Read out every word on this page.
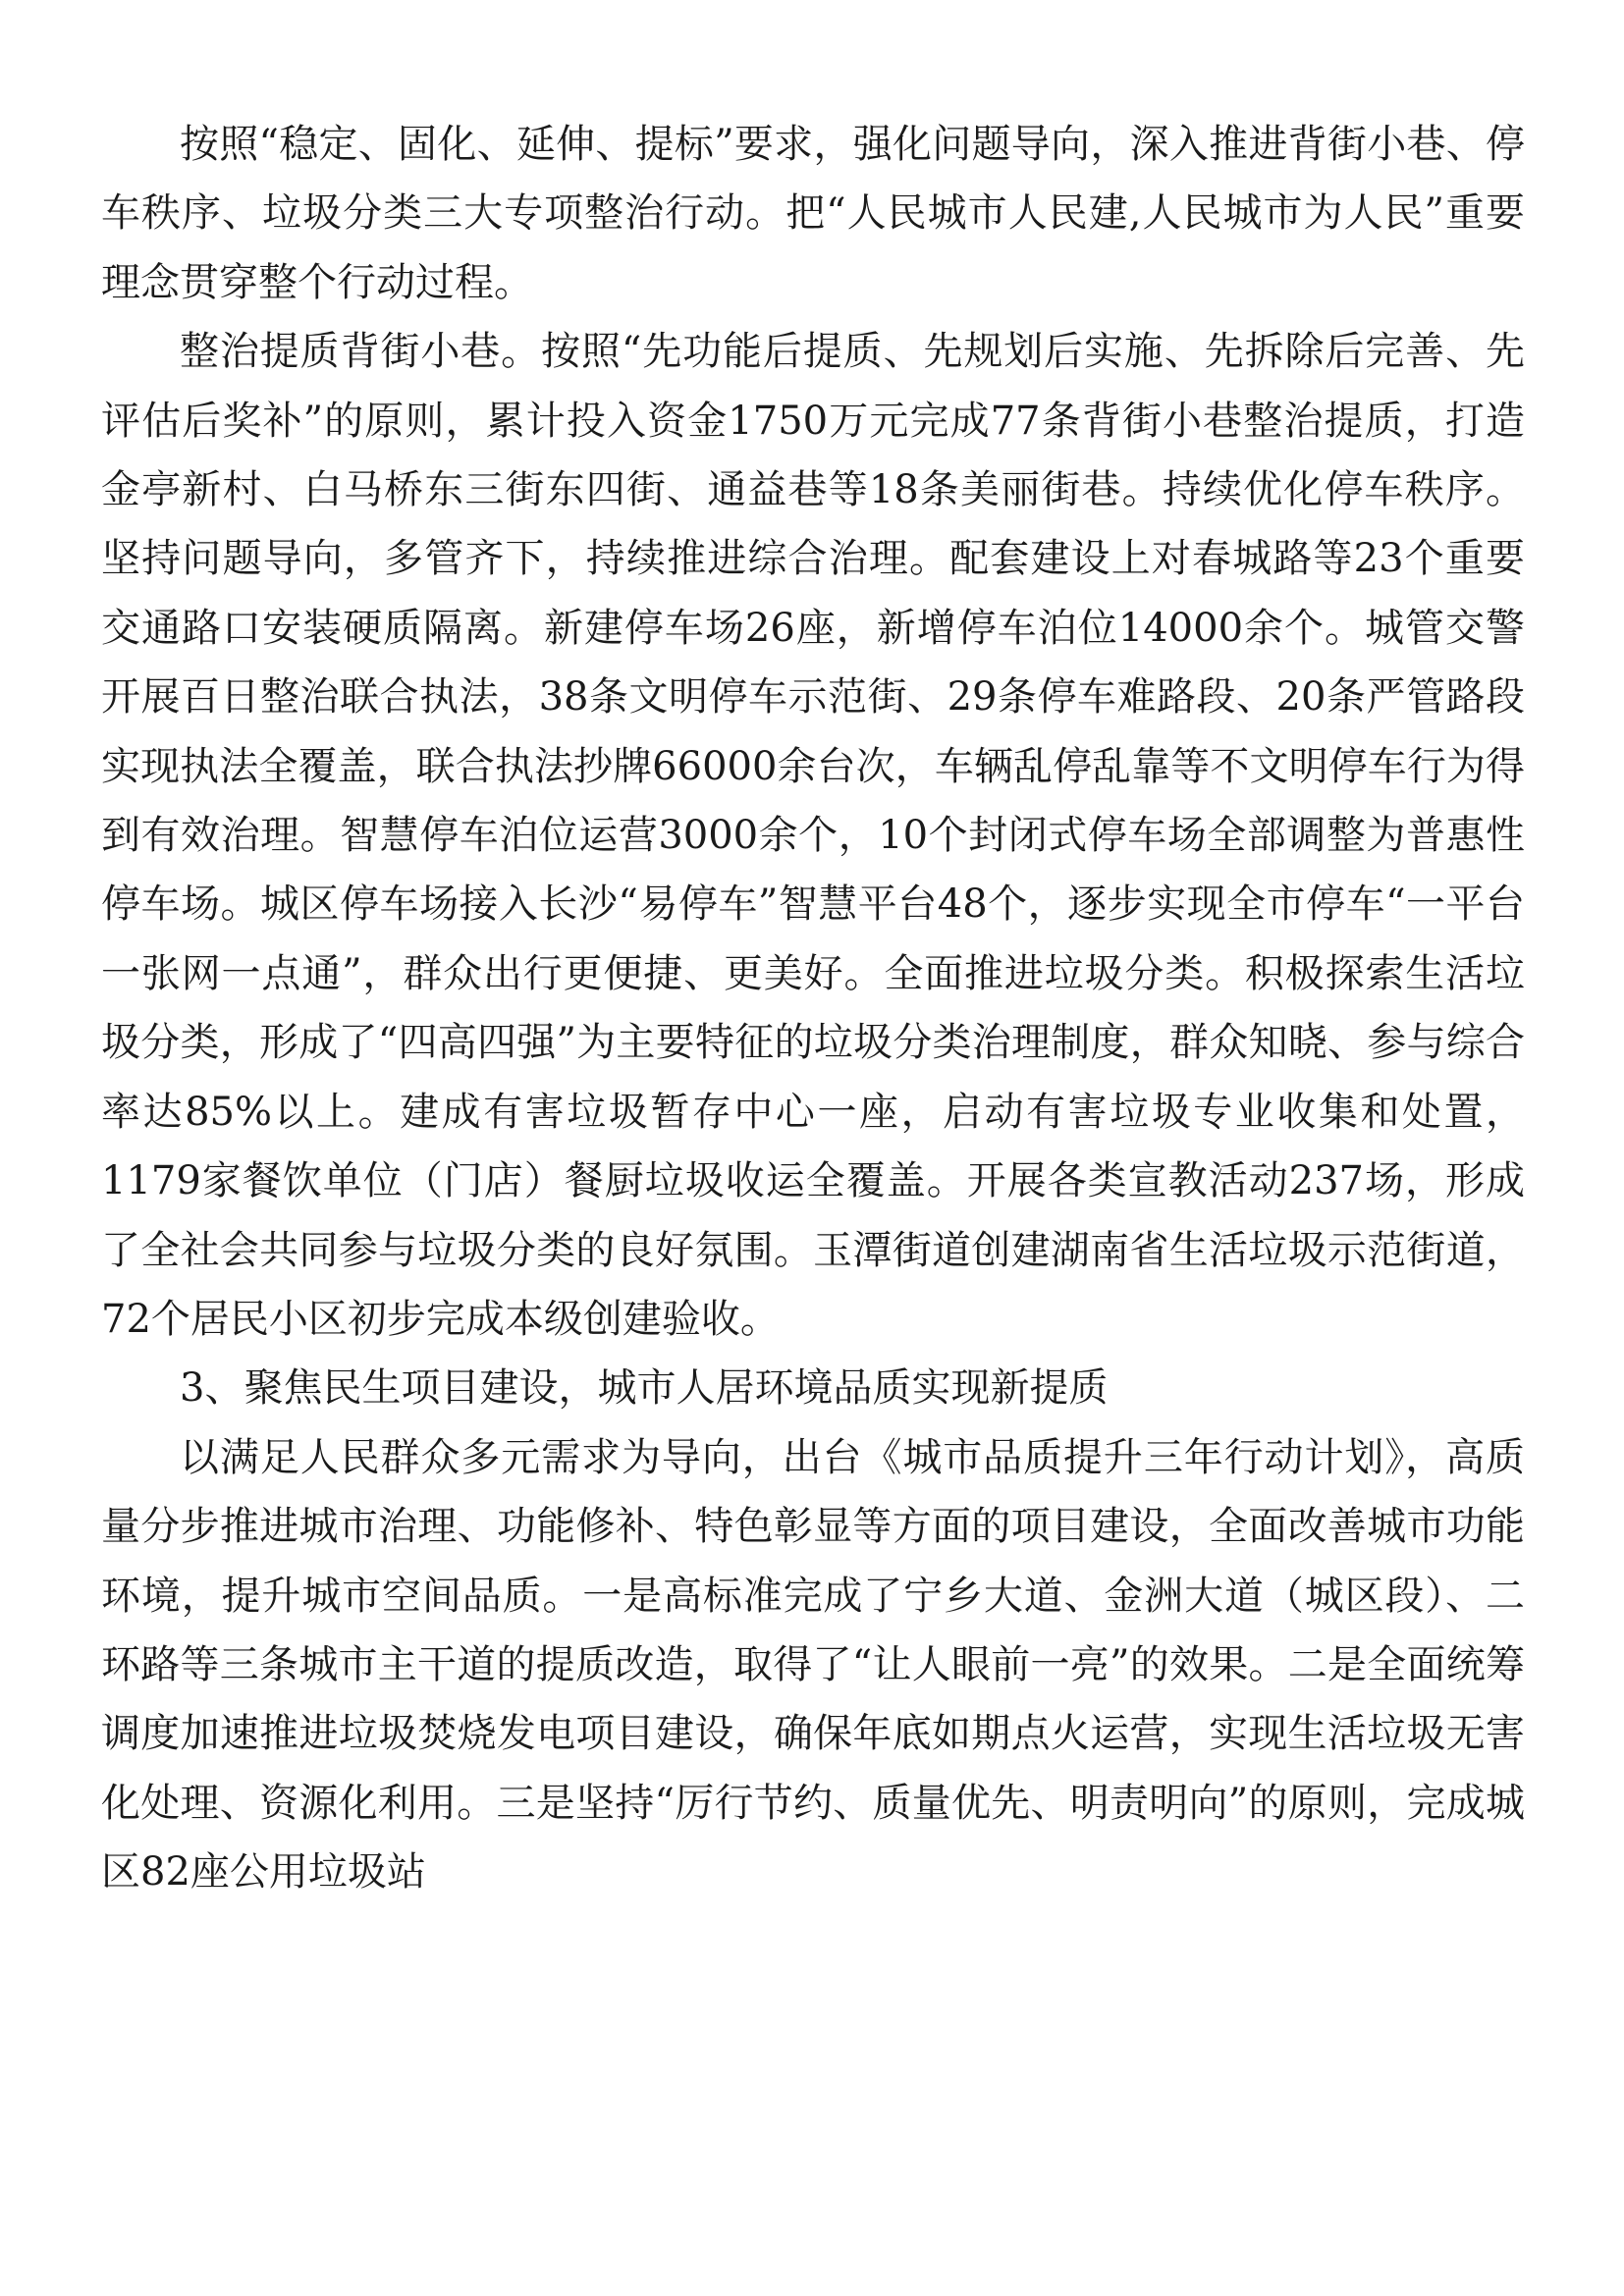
按照“稳定、固化、延伸、提标”要求，强化问题导向，深入推进背街小巷、停车秩序、垃圾分类三大专项整治行动。把“人民城市人民建,人民城市为人民”重要理念贯穿整个行动过程。

整治提质背街小巷。按照“先功能后提质、先规划后实施、先拆除后完善、先评估后奖补”的原则，累计投入资金1750万元完成77条背街小巷整治提质，打造金亭新村、白马桥东三街东四街、通益巷等18条美丽街巷。持续优化停车秩序。坚持问题导向，多管齐下，持续推进综合治理。配套建设上对春城路等23个重要交通路口安装硬质隔离。新建停车场26座，新增停车泊位14000余个。城管交警开展百日整治联合执法，38条文明停车示范街、29条停车难路段、20条严管路段实现执法全覆盖，联合执法抄牌66000余台次，车辆乱停乱靠等不文明停车行为得到有效治理。智慧停车泊位运营3000余个，10个封闭式停车场全部调整为普惠性停车场。城区停车场接入长沙“易停车”智慧平台48个，逐步实现全市停车“一平台一张网一点通”，群众出行更便捷、更美好。全面推进垃圾分类。积极探索生活垃圾分类，形成了“四高四强”为主要特征的垃圾分类治理制度，群众知晓、参与综合率达85%以上。建成有害垃圾暂存中心一座，启动有害垃圾专业收集和处置，1179家餐饮单位（门店）餐厨垃圾收运全覆盖。开展各类宣教活动237场，形成了全社会共同参与垃圾分类的良好氛围。玉潭街道创建湖南省生活垃圾示范街道，72个居民小区初步完成本级创建验收。

3、聚焦民生项目建设，城市人居环境品质实现新提质

以满足人民群众多元需求为导向，出台《城市品质提升三年行动计划》，高质量分步推进城市治理、功能修补、特色彰显等方面的项目建设，全面改善城市功能环境，提升城市空间品质。一是高标准完成了宁乡大道、金洲大道（城区段）、二环路等三条城市主干道的提质改造，取得了“让人眼前一亮”的效果。二是全面统筹调度加速推进垃圾焚烧发电项目建设，确保年底如期点火运营，实现生活垃圾无害化处理、资源化利用。三是坚持“厉行节约、质量优先、明责明向”的原则，完成城区82座公用垃圾站
